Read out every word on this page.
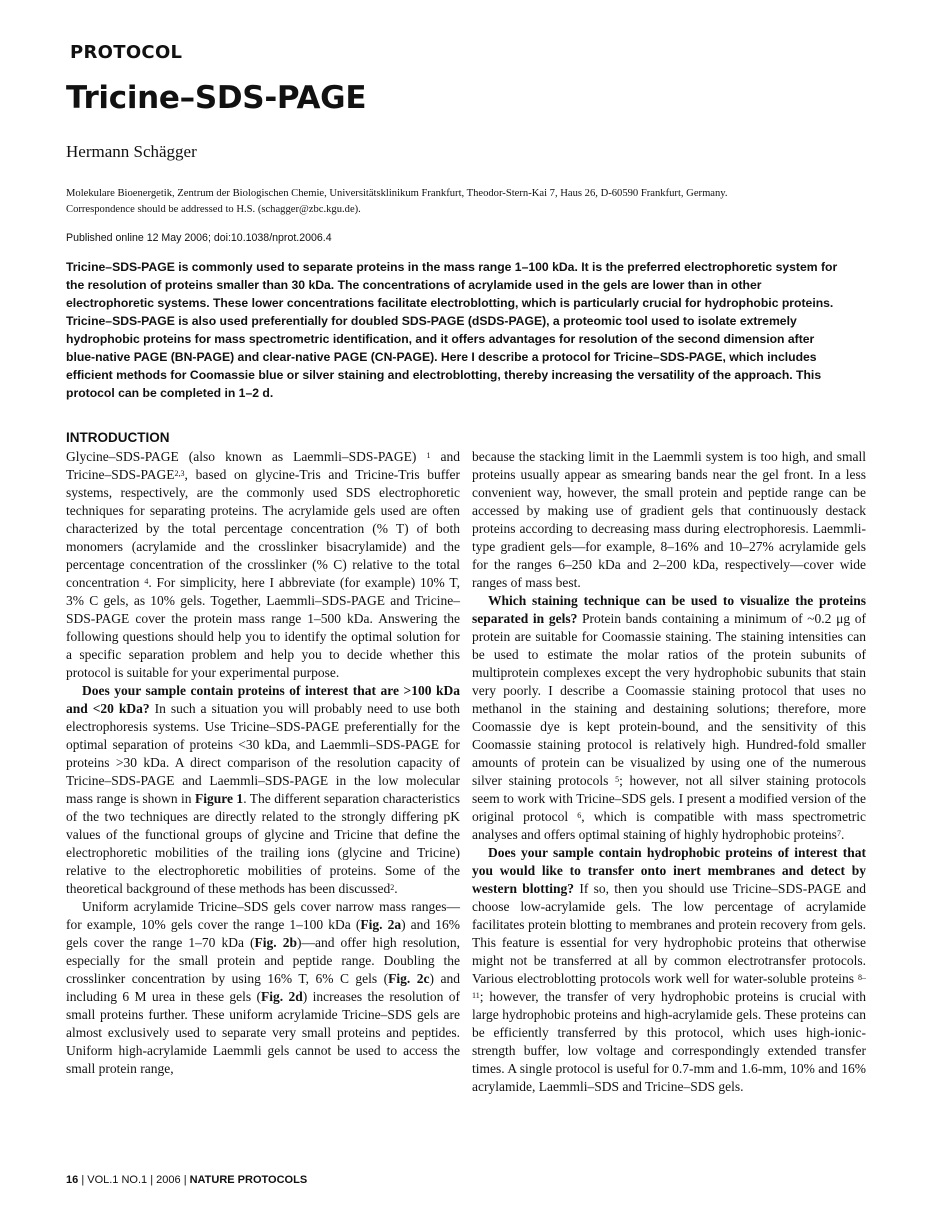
PROTOCOL
Tricine–SDS-PAGE
Hermann Schägger
Molekulare Bioenergetik, Zentrum der Biologischen Chemie, Universitätsklinikum Frankfurt, Theodor-Stern-Kai 7, Haus 26, D-60590 Frankfurt, Germany.
Correspondence should be addressed to H.S. (schagger@zbc.kgu.de).
Published online 12 May 2006; doi:10.1038/nprot.2006.4
Tricine–SDS-PAGE is commonly used to separate proteins in the mass range 1–100 kDa. It is the preferred electrophoretic system for the resolution of proteins smaller than 30 kDa. The concentrations of acrylamide used in the gels are lower than in other electrophoretic systems. These lower concentrations facilitate electroblotting, which is particularly crucial for hydrophobic proteins. Tricine–SDS-PAGE is also used preferentially for doubled SDS-PAGE (dSDS-PAGE), a proteomic tool used to isolate extremely hydrophobic proteins for mass spectrometric identification, and it offers advantages for resolution of the second dimension after blue-native PAGE (BN-PAGE) and clear-native PAGE (CN-PAGE). Here I describe a protocol for Tricine–SDS-PAGE, which includes efficient methods for Coomassie blue or silver staining and electroblotting, thereby increasing the versatility of the approach. This protocol can be completed in 1–2 d.
INTRODUCTION

Glycine–SDS-PAGE (also known as Laemmli–SDS-PAGE) $^1$ and Tricine–SDS-PAGE$^{2,3}$, based on glycine-Tris and Tricine-Tris buffer systems, respectively, are the commonly used SDS electrophoretic techniques for separating proteins. The acrylamide gels used are often characterized by the total percentage concentration (% T) of both monomers (acrylamide and the crosslinker bisacrylamide) and the percentage concentration of the crosslinker (% C) relative to the total concentration $^4$. For simplicity, here I abbreviate (for example) 10% T, 3% C gels, as 10% gels. Together, Laemmli–SDS-PAGE and Tricine–SDS-PAGE cover the protein mass range 1–500 kDa. Answering the following questions should help you to identify the optimal solution for a specific separation problem and help you to decide whether this protocol is suitable for your experimental purpose.

Does your sample contain proteins of interest that are >100 kDa and <20 kDa? In such a situation you will probably need to use both electrophoresis systems. Use Tricine–SDS-PAGE preferentially for the optimal separation of proteins <30 kDa, and Laemmli–SDS-PAGE for proteins >30 kDa. A direct comparison of the resolution capacity of Tricine–SDS-PAGE and Laemmli–SDS-PAGE in the low molecular mass range is shown in Figure 1. The different separation characteristics of the two techniques are directly related to the strongly differing pK values of the functional groups of glycine and Tricine that define the electrophoretic mobilities of the trailing ions (glycine and Tricine) relative to the electrophoretic mobilities of proteins. Some of the theoretical background of these methods has been discussed$^2$.

Uniform acrylamide Tricine–SDS gels cover narrow mass ranges—for example, 10% gels cover the range 1–100 kDa (Fig. 2a) and 16% gels cover the range 1–70 kDa (Fig. 2b)—and offer high resolution, especially for the small protein and peptide range. Doubling the crosslinker concentration by using 16% T, 6% C gels (Fig. 2c) and including 6 M urea in these gels (Fig. 2d) increases the resolution of small proteins further. These uniform acrylamide Tricine–SDS gels are almost exclusively used to separate very small proteins and peptides. Uniform high-acrylamide Laemmli gels cannot be used to access the small protein range,

because the stacking limit in the Laemmli system is too high, and small proteins usually appear as smearing bands near the gel front. In a less convenient way, however, the small protein and peptide range can be accessed by making use of gradient gels that continuously destack proteins according to decreasing mass during electrophoresis. Laemmli-type gradient gels—for example, 8–16% and 10–27% acrylamide gels for the ranges 6–250 kDa and 2–200 kDa, respectively—cover wide ranges of mass best.

Which staining technique can be used to visualize the proteins separated in gels? Protein bands containing a minimum of ~0.2 μg of protein are suitable for Coomassie staining. The staining intensities can be used to estimate the molar ratios of the protein subunits of multiprotein complexes except the very hydrophobic subunits that stain very poorly. I describe a Coomassie staining protocol that uses no methanol in the staining and destaining solutions; therefore, more Coomassie dye is kept protein-bound, and the sensitivity of this Coomassie staining protocol is relatively high. Hundred-fold smaller amounts of protein can be visualized by using one of the numerous silver staining protocols $^5$; however, not all silver staining protocols seem to work with Tricine–SDS gels. I present a modified version of the original protocol $^6$, which is compatible with mass spectrometric analyses and offers optimal staining of highly hydrophobic proteins$^7$.

Does your sample contain hydrophobic proteins of interest that you would like to transfer onto inert membranes and detect by western blotting? If so, then you should use Tricine–SDS-PAGE and choose low-acrylamide gels. The low percentage of acrylamide facilitates protein blotting to membranes and protein recovery from gels. This feature is essential for very hydrophobic proteins that otherwise might not be transferred at all by common electrotransfer protocols. Various electroblotting protocols work well for water-soluble proteins $^{8-11}$; however, the transfer of very hydrophobic proteins is crucial with large hydrophobic proteins and high-acrylamide gels. These proteins can be efficiently transferred by this protocol, which uses high-ionic-strength buffer, low voltage and correspondingly extended transfer times. A single protocol is useful for 0.7-mm and 1.6-mm, 10% and 16% acrylamide, Laemmli–SDS and Tricine–SDS gels.

16 | VOL.1 NO.1 | 2006 | NATURE PROTOCOLS
